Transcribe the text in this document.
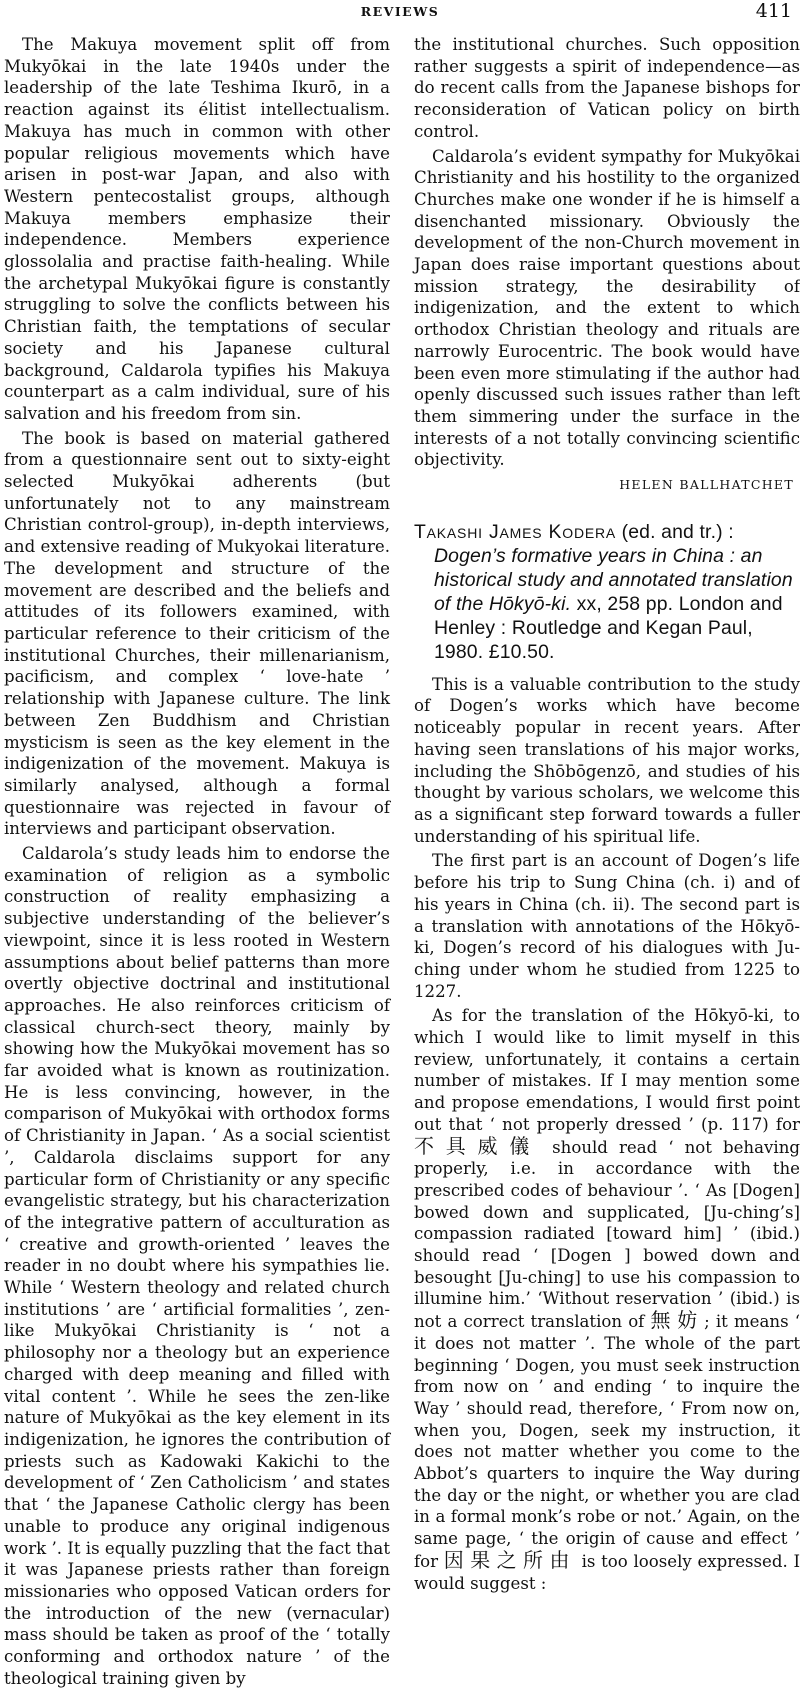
REVIEWS	411

The Makuya movement split off from Mukyōkai in the late 1940s under the leadership of the late Teshima Ikurō, in a reaction against its élitist intellectualism. Makuya has much in common with other popular religious movements which have arisen in post-war Japan, and also with Western pentecostalist groups, although Makuya members emphasize their independence. Members experience glossolalia and practise faith-healing. While the archetypal Mukyōkai figure is constantly struggling to solve the conflicts between his Christian faith, the temptations of secular society and his Japanese cultural background, Caldarola typifies his Makuya counterpart as a calm individual, sure of his salvation and his freedom from sin.

The book is based on material gathered from a questionnaire sent out to sixty-eight selected Mukyōkai adherents (but unfortunately not to any mainstream Christian control-group), in-depth interviews, and extensive reading of Mukyokai literature. The development and structure of the movement are described and the beliefs and attitudes of its followers examined, with particular reference to their criticism of the institutional Churches, their millenarianism, pacificism, and complex ‘ love-hate ’ relationship with Japanese culture. The link between Zen Buddhism and Christian mysticism is seen as the key element in the indigenization of the movement. Makuya is similarly analysed, although a formal questionnaire was rejected in favour of interviews and participant observation.

Caldarola’s study leads him to endorse the examination of religion as a symbolic construction of reality emphasizing a subjective understanding of the believer’s viewpoint, since it is less rooted in Western assumptions about belief patterns than more overtly objective doctrinal and institutional approaches. He also reinforces criticism of classical church-sect theory, mainly by showing how the Mukyōkai movement has so far avoided what is known as routinization. He is less convincing, however, in the comparison of Mukyōkai with orthodox forms of Christianity in Japan. ‘ As a social scientist ’, Caldarola disclaims support for any particular form of Christianity or any specific evangelistic strategy, but his characterization of the integrative pattern of acculturation as ‘ creative and growth-oriented ’ leaves the reader in no doubt where his sympathies lie. While ‘ Western theology and related church institutions ’ are ‘ artificial formalities ’, zen-like Mukyōkai Christianity is ‘ not a philosophy nor a theology but an experience charged with deep meaning and filled with vital content ’. While he sees the zen-like nature of Mukyōkai as the key element in its indigenization, he ignores the contribution of priests such as Kadowaki Kakichi to the development of ‘ Zen Catholicism ’ and states that ‘ the Japanese Catholic clergy has been unable to produce any original indigenous work ’. It is equally puzzling that the fact that it was Japanese priests rather than foreign missionaries who opposed Vatican orders for the introduction of the new (vernacular) mass should be taken as proof of the ‘ totally conforming and orthodox nature ’ of the theological training given by

the institutional churches. Such opposition rather suggests a spirit of independence—as do recent calls from the Japanese bishops for reconsideration of Vatican policy on birth control.

Caldarola’s evident sympathy for Mukyōkai Christianity and his hostility to the organized Churches make one wonder if he is himself a disenchanted missionary. Obviously the development of the non-Church movement in Japan does raise important questions about mission strategy, the desirability of indigenization, and the extent to which orthodox Christian theology and rituals are narrowly Eurocentric. The book would have been even more stimulating if the author had openly discussed such issues rather than left them simmering under the surface in the interests of a not totally convincing scientific objectivity.

HELEN BALLHATCHET
Takashi James Kodera (ed. and tr.) : Dogen’s formative years in China : an historical study and annotated translation of the Hōkyō-ki. xx, 258 pp. London and Henley : Routledge and Kegan Paul, 1980. £10.50.

This is a valuable contribution to the study of Dogen’s works which have become noticeably popular in recent years. After having seen translations of his major works, including the Shōbōgenzō, and studies of his thought by various scholars, we welcome this as a significant step forward towards a fuller understanding of his spiritual life.

The first part is an account of Dogen’s life before his trip to Sung China (ch. i) and of his years in China (ch. ii). The second part is a translation with annotations of the Hōkyō-ki, Dogen’s record of his dialogues with Ju-ching under whom he studied from 1225 to 1227.

As for the translation of the Hōkyō-ki, to which I would like to limit myself in this review, unfortunately, it contains a certain number of mistakes. If I may mention some and propose emendations, I would first point out that ‘ not properly dressed ’ (p. 117) for 不具威儀 should read ‘ not behaving properly, i.e. in accordance with the prescribed codes of behaviour ’. ‘ As [Dogen] bowed down and supplicated, [Ju-ching’s] compassion radiated [toward him] ’ (ibid.) should read ‘ [Dogen ] bowed down and besought [Ju-ching] to use his compassion to illumine him.’ ‘Without reservation ’ (ibid.) is not a correct translation of 無妨; it means ‘ it does not matter ’. The whole of the part beginning ‘ Dogen, you must seek instruction from now on ’ and ending ‘ to inquire the Way ’ should read, therefore, ‘ From now on, when you, Dogen, seek my instruction, it does not matter whether you come to the Abbot’s quarters to inquire the Way during the day or the night, or whether you are clad in a formal monk’s robe or not.’ Again, on the same page, ‘ the origin of cause and effect ’ for 因果之所由 is too loosely expressed. I would suggest :
